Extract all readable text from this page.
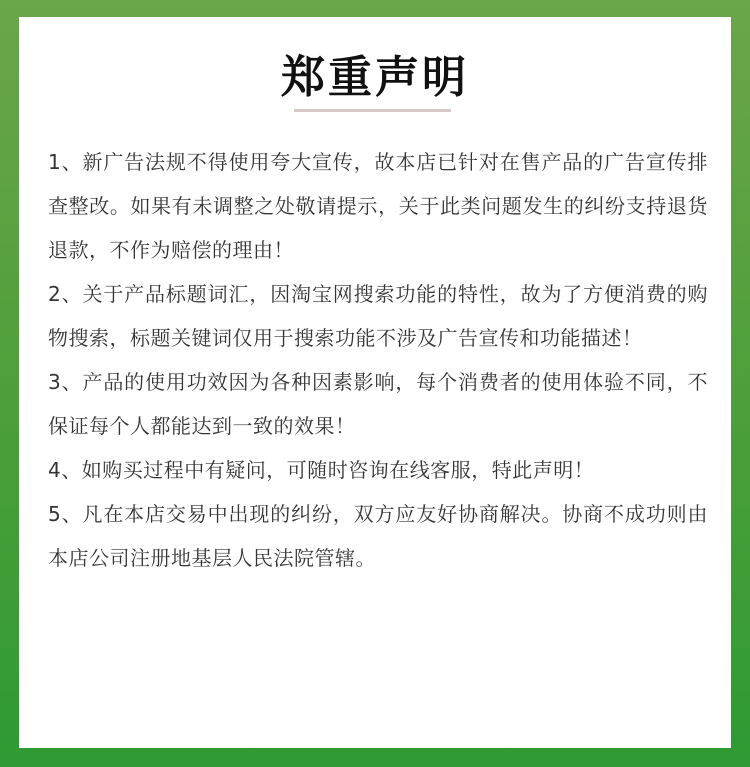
郑重声明

1、新广告法规不得使用夸大宣传，故本店已针对在售产品的广告宣传排查整改。如果有未调整之处敬请提示，关于此类问题发生的纠纷支持退货退款，不作为赔偿的理由！

2、关于产品标题词汇，因淘宝网搜索功能的特性，故为了方便消费的购物搜索，标题关键词仅用于搜索功能不涉及广告宣传和功能描述！

3、产品的使用功效因为各种因素影响，每个消费者的使用体验不同，不保证每个人都能达到一致的效果！

4、如购买过程中有疑问，可随时咨询在线客服，特此声明！

5、凡在本店交易中出现的纠纷，双方应友好协商解决。协商不成功则由本店公司注册地基层人民法院管辖。
